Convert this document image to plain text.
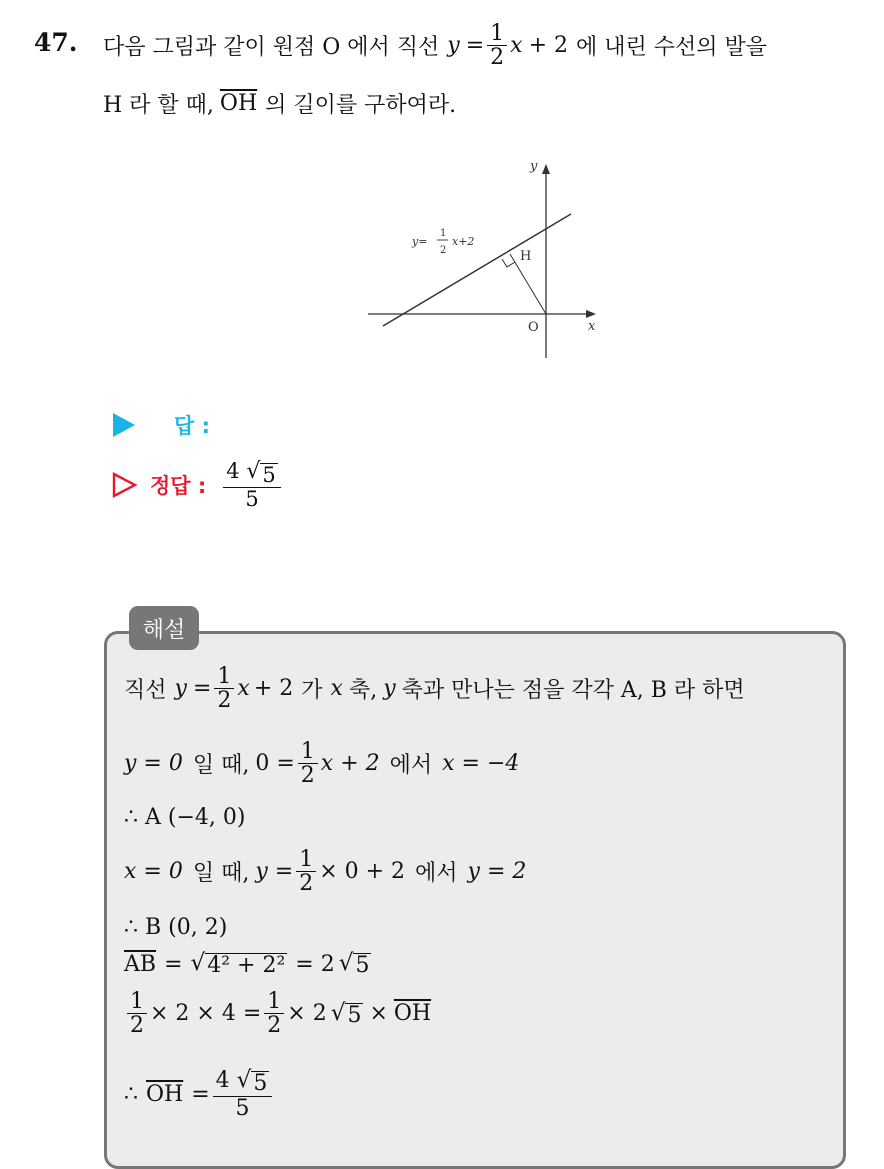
47. 다음 그림과 같이 원점 O 에서 직선 $y = \frac{1}{2}$ x + 2 에 내린 수선의 발을
H 라 할 때, $\overline{OH}$ 의 길이를 구하여라.
y
x
O
H
y=
1
2
x+2
답 :
정답 : $\frac{4 √ 5}{5}$
해설
직선 $y = \frac{1}{2}$ x + 2 가 x 축, y 축과 만나는 점을 각각 A, B 라 하면
y = 0 일 때, $0 = \frac{1}{2}$ x + 2 에서 x = −4
∴ A (−4, 0)
x = 0 일 때, $y = \frac{1}{2} \times 0 + 2$ 에서 y = 2
∴ B (0, 2)
$\overline{AB}$ = √ 4² + 2² = 2 √ 5
$\frac{1}{2} \times 2 \times 4 = \frac{1}{2} \times 2$ √ $5 \times \overline{OH}$
∴ $\overline{OH} = \frac{4 √ 5}{5}$
